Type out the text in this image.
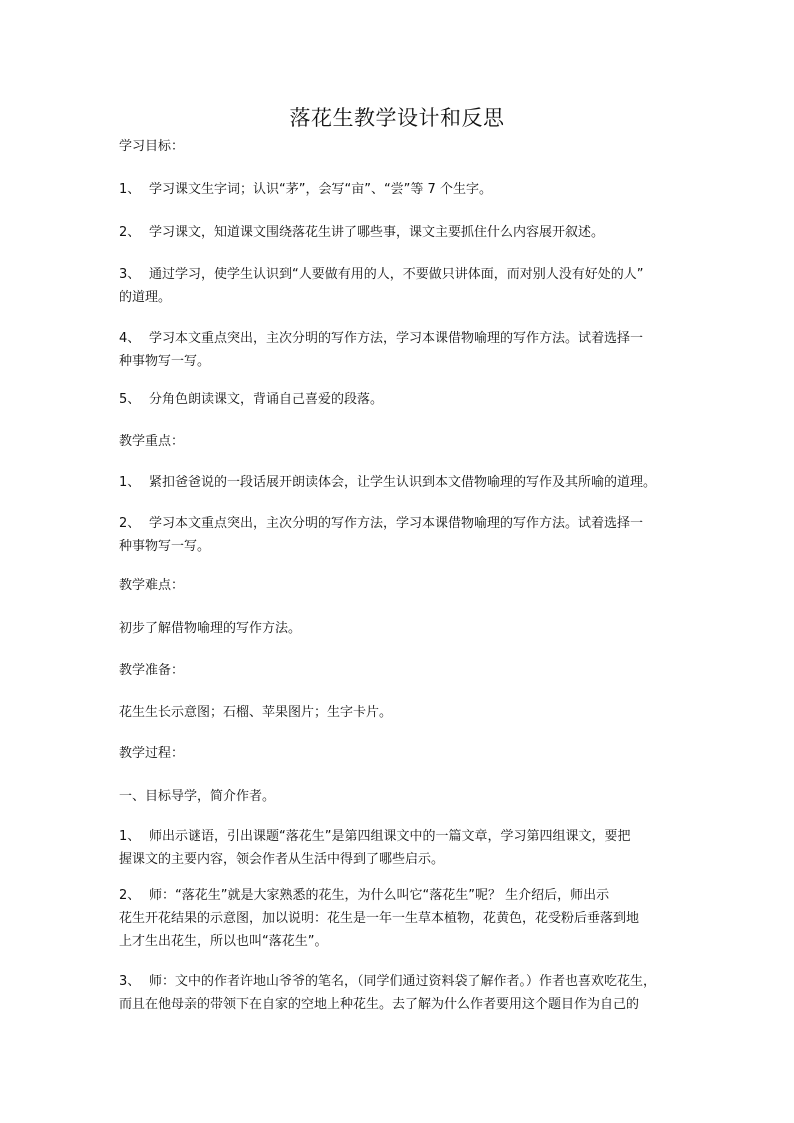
落花生教学设计和反思
学习目标：
1、 学习课文生字词；认识“茅”，会写“亩”、“尝”等 7 个生字。
2、 学习课文，知道课文围绕落花生讲了哪些事，课文主要抓住什么内容展开叙述。
3、 通过学习，使学生认识到“人要做有用的人，不要做只讲体面，而对别人没有好处的人”
的道理。
4、 学习本文重点突出，主次分明的写作方法，学习本课借物喻理的写作方法。试着选择一
种事物写一写。
5、 分角色朗读课文，背诵自己喜爱的段落。
教学重点：
1、 紧扣爸爸说的一段话展开朗读体会，让学生认识到本文借物喻理的写作及其所喻的道理。
2、 学习本文重点突出，主次分明的写作方法，学习本课借物喻理的写作方法。试着选择一
种事物写一写。
教学难点：
初步了解借物喻理的写作方法。
教学准备：
花生生长示意图；石榴、苹果图片；生字卡片。
教学过程：
一、目标导学，简介作者。
1、 师出示谜语，引出课题“落花生”是第四组课文中的一篇文章，学习第四组课文，要把
握课文的主要内容，领会作者从生活中得到了哪些启示。
2、 师：“落花生”就是大家熟悉的花生，为什么叫它“落花生”呢？ 生介绍后，师出示
花生开花结果的示意图，加以说明：花生是一年一生草本植物，花黄色，花受粉后垂落到地
上才生出花生，所以也叫“落花生”。
3、 师：文中的作者许地山爷爷的笔名，（同学们通过资料袋了解作者。）作者也喜欢吃花生，
而且在他母亲的带领下在自家的空地上种花生。去了解为什么作者要用这个题目作为自己的
